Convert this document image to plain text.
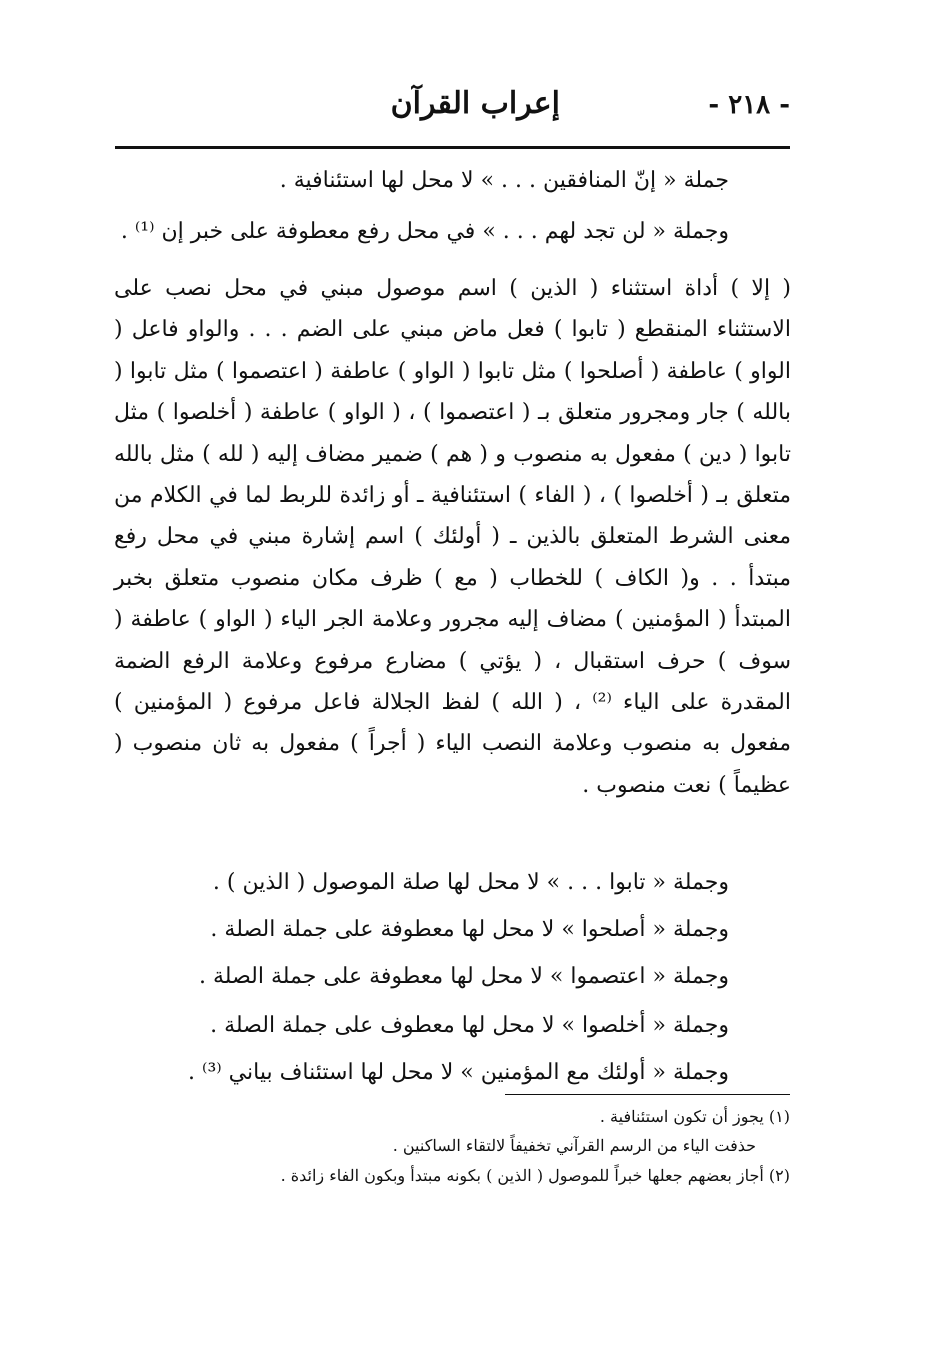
- ٢١٨ -
إعراب القرآن
جملة « إنّ المنافقين . . . » لا محل لها استئنافية .
وجملة « لن تجد لهم . . . » في محل رفع معطوفة على خبر إن ⁽¹⁾ .
( إلا ) أداة استثناء ( الذين ) اسم موصول مبني في محل نصب على الاستثناء المنقطع ( تابوا ) فعل ماض مبني على الضم . . . والواو فاعل ( الواو ) عاطفة ( أصلحوا ) مثل تابوا ( الواو ) عاطفة ( اعتصموا ) مثل تابوا ( بالله ) جار ومجرور متعلق بـ ( اعتصموا ) ، ( الواو ) عاطفة ( أخلصوا ) مثل تابوا ( دين ) مفعول به منصوب و ( هم ) ضمير مضاف إليه ( لله ) مثل بالله متعلق بـ ( أخلصوا ) ، ( الفاء ) استئنافية ـ أو زائدة للربط لما في الكلام من معنى الشرط المتعلق بالذين ـ ( أولئك ) اسم إشارة مبني في محل رفع مبتدأ . . و( الكاف ) للخطاب ( مع ) ظرف مكان منصوب متعلق بخبر المبتدأ ( المؤمنين ) مضاف إليه مجرور وعلامة الجر الياء ( الواو ) عاطفة ( سوف ) حرف استقبال ، ( يؤتي ) مضارع مرفوع وعلامة الرفع الضمة المقدرة على الياء ⁽²⁾ ، ( الله ) لفظ الجلالة فاعل مرفوع ( المؤمنين ) مفعول به منصوب وعلامة النصب الياء ( أجراً ) مفعول به ثان منصوب ( عظيماً ) نعت منصوب .
وجملة « تابوا . . . » لا محل لها صلة الموصول ( الذين ) .
وجملة « أصلحوا » لا محل لها معطوفة على جملة الصلة .
وجملة « اعتصموا » لا محل لها معطوفة على جملة الصلة .
وجملة « أخلصوا » لا محل لها معطوف على جملة الصلة .
وجملة « أولئك مع المؤمنين » لا محل لها استئناف بياني ⁽³⁾ .
(١) يجوز أن تكون استئنافية .
حذفت الياء من الرسم القرآني تخفيفاً لالتقاء الساكنين .
(٢) أجاز بعضهم جعلها خبراً للموصول ( الذين ) بكونه مبتدأ وبكون الفاء زائدة .
